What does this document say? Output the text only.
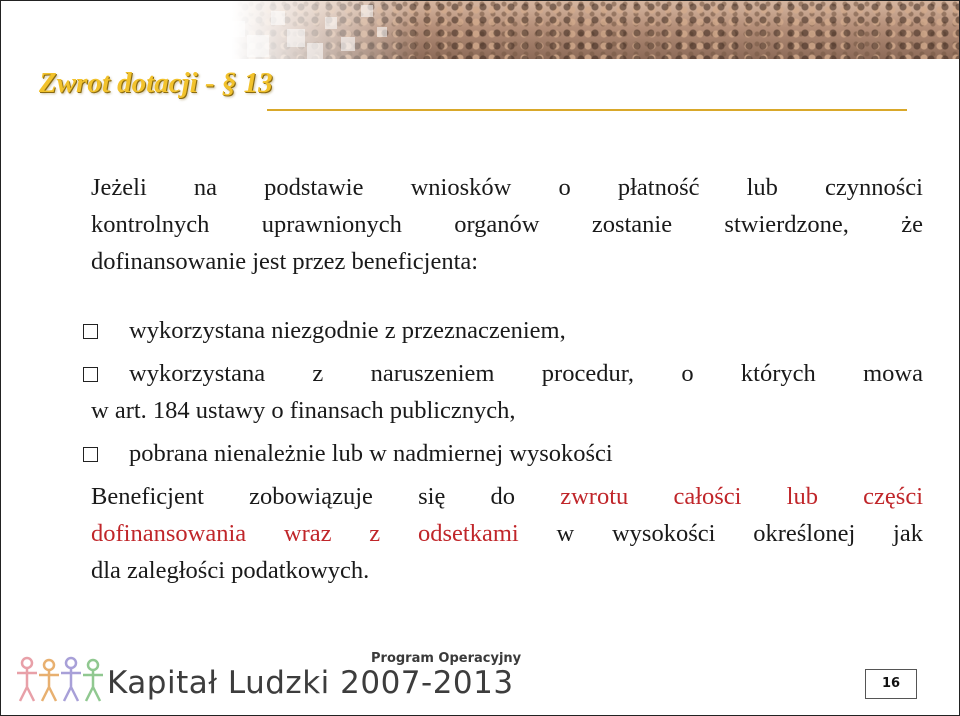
Zwrot dotacji - § 13

Jeżeli na podstawie wniosków o płatność lub czynności
kontrolnych uprawnionych organów zostanie stwierdzone, że
dofinansowanie jest przez beneficjenta:

wykorzystana niezgodnie z przeznaczeniem,
wykorzystana z naruszeniem procedur, o których mowa
w art. 184 ustawy o finansach publicznych,
pobrana nienależnie lub w nadmiernej wysokości

Beneficjent zobowiązuje się do zwrotu całości lub części
dofinansowania wraz z odsetkami w wysokości określonej jak
dla zaległości podatkowych.

Program Operacyjny
Kapitał Ludzki 2007-2013	16
